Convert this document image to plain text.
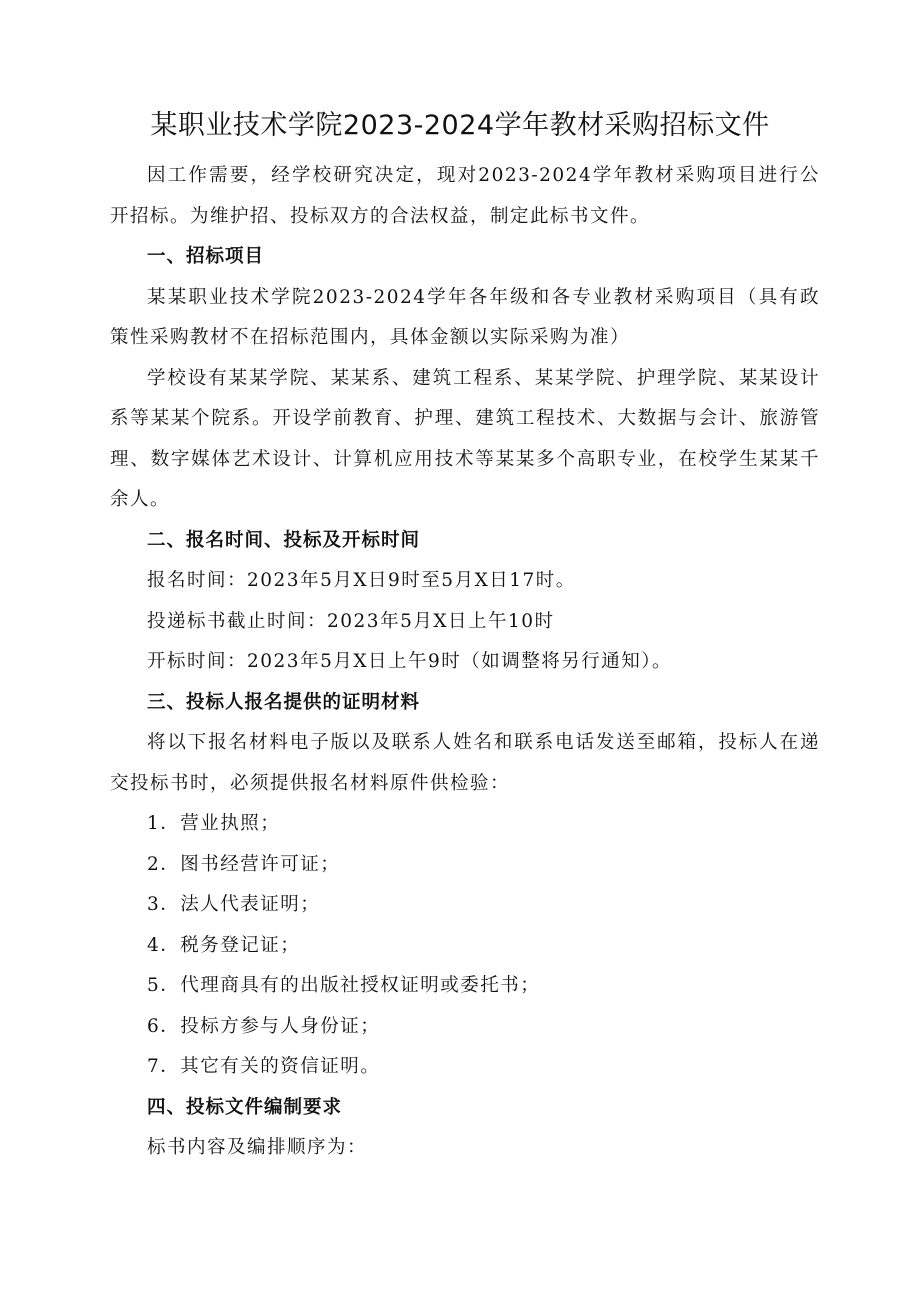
某职业技术学院2023-2024学年教材采购招标文件

因工作需要，经学校研究决定，现对2023-2024学年教材采购项目进行公开招标。为维护招、投标双方的合法权益，制定此标书文件。

一、招标项目

某某职业技术学院2023-2024学年各年级和各专业教材采购项目（具有政策性采购教材不在招标范围内，具体金额以实际采购为准）

学校设有某某学院、某某系、建筑工程系、某某学院、护理学院、某某设计系等某某个院系。开设学前教育、护理、建筑工程技术、大数据与会计、旅游管理、数字媒体艺术设计、计算机应用技术等某某多个高职专业，在校学生某某千余人。

二、报名时间、投标及开标时间

报名时间：2023年5月X日9时至5月X日17时。

投递标书截止时间：2023年5月X日上午10时

开标时间：2023年5月X日上午9时（如调整将另行通知）。

三、投标人报名提供的证明材料

将以下报名材料电子版以及联系人姓名和联系电话发送至邮箱，投标人在递交投标书时，必须提供报名材料原件供检验：

1．营业执照；

2．图书经营许可证；

3．法人代表证明；

4．税务登记证；

5．代理商具有的出版社授权证明或委托书；

6．投标方参与人身份证；

7．其它有关的资信证明。

四、投标文件编制要求

标书内容及编排顺序为：
